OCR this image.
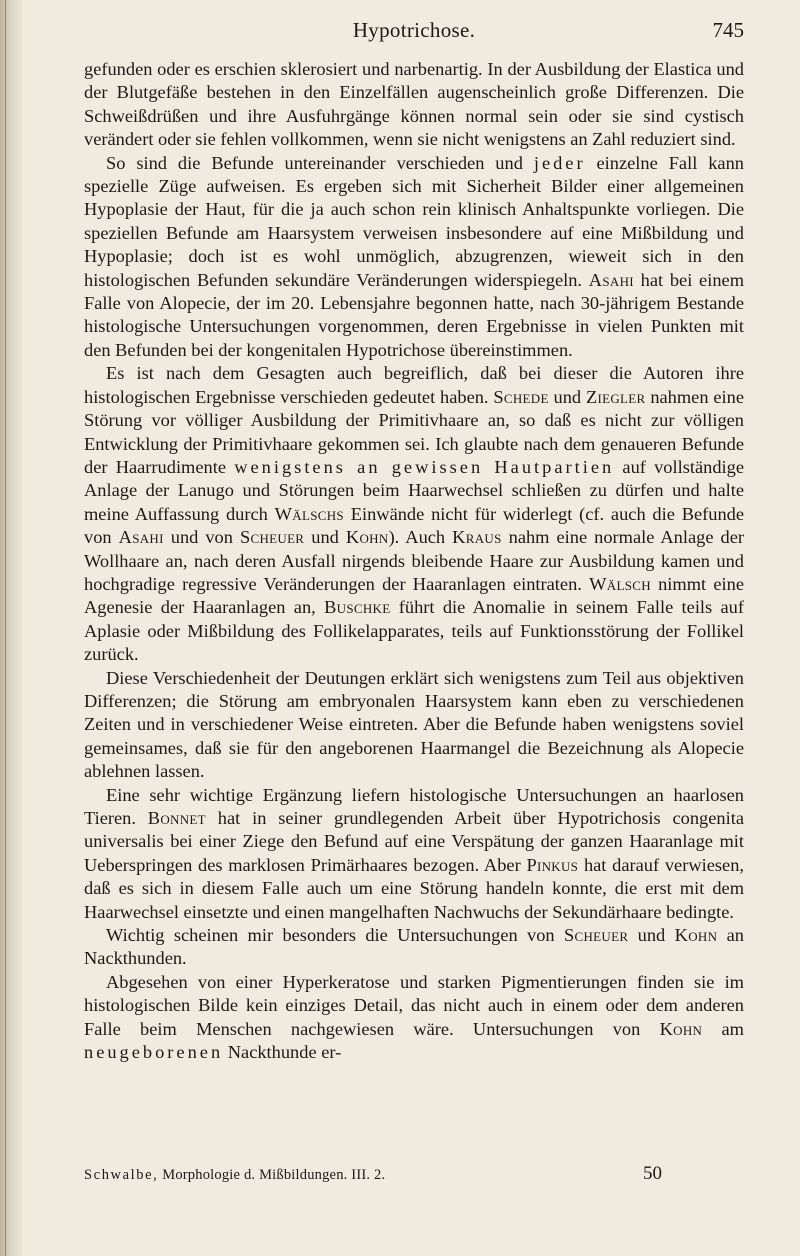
Hypotrichose.	745

gefunden oder es erschien sklerosiert und narbenartig. In der Ausbildung der Elastica und der Blutgefäße bestehen in den Einzelfällen augenscheinlich große Differenzen. Die Schweißdrüßen und ihre Ausfuhrgänge können normal sein oder sie sind cystisch verändert oder sie fehlen vollkommen, wenn sie nicht wenigstens an Zahl reduziert sind.

So sind die Befunde untereinander verschieden und jeder einzelne Fall kann spezielle Züge aufweisen. Es ergeben sich mit Sicherheit Bilder einer allgemeinen Hypoplasie der Haut, für die ja auch schon rein klinisch Anhaltspunkte vorliegen. Die speziellen Befunde am Haarsystem verweisen insbesondere auf eine Mißbildung und Hypoplasie; doch ist es wohl unmöglich, abzugrenzen, wieweit sich in den histologischen Befunden sekundäre Veränderungen widerspiegeln. Asahi hat bei einem Falle von Alopecie, der im 20. Lebensjahre begonnen hatte, nach 30-jährigem Bestande histologische Untersuchungen vorgenommen, deren Ergebnisse in vielen Punkten mit den Befunden bei der kongenitalen Hypotrichose übereinstimmen.

Es ist nach dem Gesagten auch begreiflich, daß bei dieser die Autoren ihre histologischen Ergebnisse verschieden gedeutet haben. Schede und Ziegler nahmen eine Störung vor völliger Ausbildung der Primitivhaare an, so daß es nicht zur völligen Entwicklung der Primitivhaare gekommen sei. Ich glaubte nach dem genaueren Befunde der Haarrudimente wenigstens an gewissen Hautpartien auf vollständige Anlage der Lanugo und Störungen beim Haarwechsel schließen zu dürfen und halte meine Auffassung durch Wälschs Einwände nicht für widerlegt (cf. auch die Befunde von Asahi und von Scheuer und Kohn). Auch Kraus nahm eine normale Anlage der Wollhaare an, nach deren Ausfall nirgends bleibende Haare zur Ausbildung kamen und hochgradige regressive Veränderungen der Haaranlagen eintraten. Wälsch nimmt eine Agenesie der Haaranlagen an, Buschke führt die Anomalie in seinem Falle teils auf Aplasie oder Mißbildung des Follikelapparates, teils auf Funktionsstörung der Follikel zurück.

Diese Verschiedenheit der Deutungen erklärt sich wenigstens zum Teil aus objektiven Differenzen; die Störung am embryonalen Haarsystem kann eben zu verschiedenen Zeiten und in verschiedener Weise eintreten. Aber die Befunde haben wenigstens soviel gemeinsames, daß sie für den angeborenen Haarmangel die Bezeichnung als Alopecie ablehnen lassen.

Eine sehr wichtige Ergänzung liefern histologische Untersuchungen an haarlosen Tieren. Bonnet hat in seiner grundlegenden Arbeit über Hypotrichosis congenita universalis bei einer Ziege den Befund auf eine Verspätung der ganzen Haaranlage mit Ueberspringen des marklosen Primärhaares bezogen. Aber Pinkus hat darauf verwiesen, daß es sich in diesem Falle auch um eine Störung handeln konnte, die erst mit dem Haarwechsel einsetzte und einen mangelhaften Nachwuchs der Sekundärhaare bedingte.

Wichtig scheinen mir besonders die Untersuchungen von Scheuer und Kohn an Nackthunden.

Abgesehen von einer Hyperkeratose und starken Pigmentierungen finden sie im histologischen Bilde kein einziges Detail, das nicht auch in einem oder dem anderen Falle beim Menschen nachgewiesen wäre. Untersuchungen von Kohn am neugeborenen Nackthunde er-

Schwalbe, Morphologie d. Mißbildungen. III. 2.	50
